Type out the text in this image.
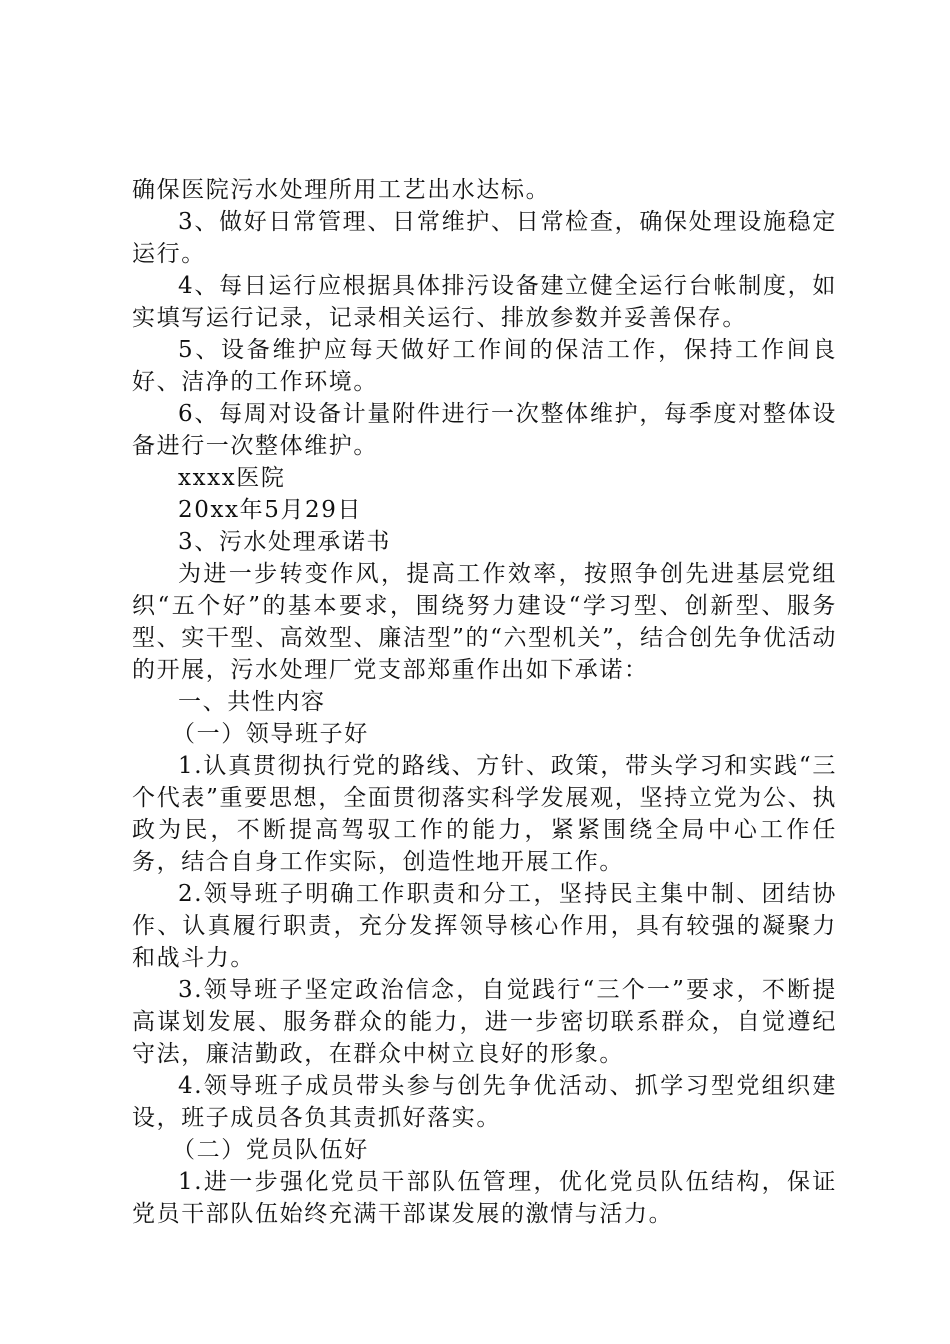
确保医院污水处理所用工艺出水达标。

3、做好日常管理、日常维护、日常检查，确保处理设施稳定运行。

4、每日运行应根据具体排污设备建立健全运行台帐制度，如实填写运行记录，记录相关运行、排放参数并妥善保存。

5、设备维护应每天做好工作间的保洁工作，保持工作间良好、洁净的工作环境。

6、每周对设备计量附件进行一次整体维护，每季度对整体设备进行一次整体维护。

xxxx医院

20xx年5月29日

3、污水处理承诺书

为进一步转变作风，提高工作效率，按照争创先进基层党组织“五个好”的基本要求，围绕努力建设“学习型、创新型、服务型、实干型、高效型、廉洁型”的“六型机关”，结合创先争优活动的开展，污水处理厂党支部郑重作出如下承诺：

一、共性内容

（一）领导班子好

1.认真贯彻执行党的路线、方针、政策，带头学习和实践“三个代表”重要思想，全面贯彻落实科学发展观，坚持立党为公、执政为民，不断提高驾驭工作的能力，紧紧围绕全局中心工作任务，结合自身工作实际，创造性地开展工作。

2.领导班子明确工作职责和分工，坚持民主集中制、团结协作、认真履行职责，充分发挥领导核心作用，具有较强的凝聚力和战斗力。

3.领导班子坚定政治信念，自觉践行“三个一”要求，不断提高谋划发展、服务群众的能力，进一步密切联系群众，自觉遵纪守法，廉洁勤政，在群众中树立良好的形象。

4.领导班子成员带头参与创先争优活动、抓学习型党组织建设，班子成员各负其责抓好落实。

（二）党员队伍好

1.进一步强化党员干部队伍管理，优化党员队伍结构，保证党员干部队伍始终充满干部谋发展的激情与活力。
